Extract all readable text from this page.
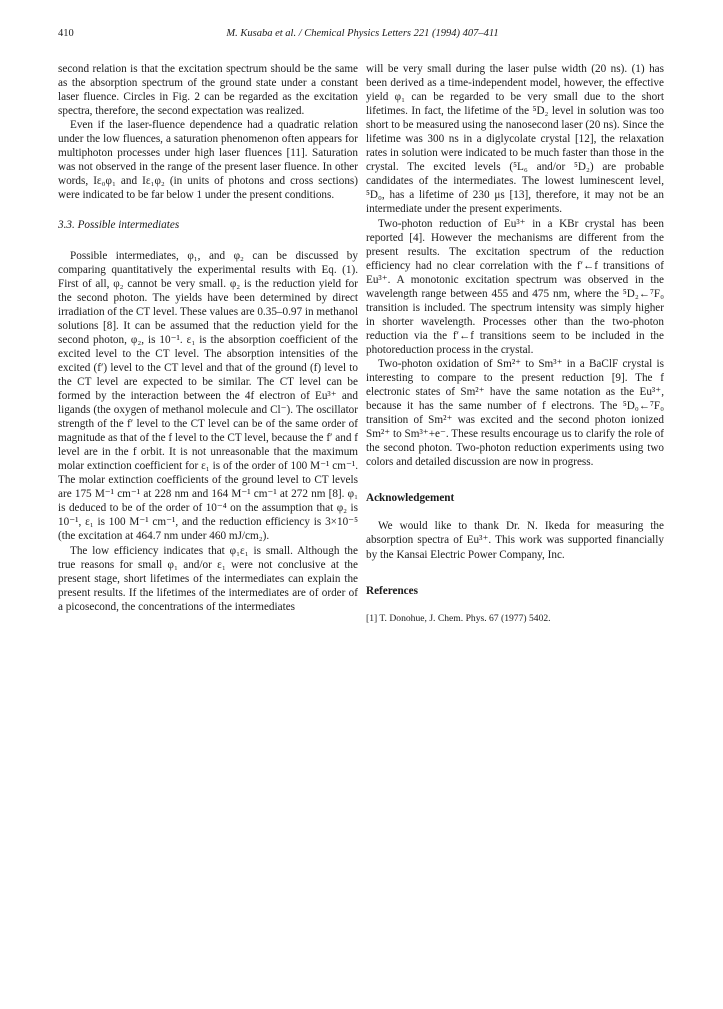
410	M. Kusaba et al. / Chemical Physics Letters 221 (1994) 407–411

second relation is that the excitation spectrum should be the same as the absorption spectrum of the ground state under a constant laser fluence. Circles in Fig. 2 can be regarded as the excitation spectra, therefore, the second expectation was realized.

Even if the laser-fluence dependence had a quadratic relation under the low fluences, a saturation phenomenon often appears for multiphoton processes under high laser fluences [11]. Saturation was not observed in the range of the present laser fluence. In other words, Iε₀φ₁ and Iε₁φ₂ (in units of photons and cross sections) were indicated to be far below 1 under the present conditions.

3.3. Possible intermediates

Possible intermediates, φ₁, and φ₂ can be discussed by comparing quantitatively the experimental results with Eq. (1). First of all, φ₂ cannot be very small. φ₂ is the reduction yield for the second photon. The yields have been determined by direct irradiation of the CT level. These values are 0.35–0.97 in methanol solutions [8]. It can be assumed that the reduction yield for the second photon, φ₂, is 10⁻¹. ε₁ is the absorption coefficient of the excited level to the CT level. The absorption intensities of the excited (f′) level to the CT level and that of the ground (f) level to the CT level are expected to be similar. The CT level can be formed by the interaction between the 4f electron of Eu³⁺ and ligands (the oxygen of methanol molecule and Cl⁻). The oscillator strength of the f′ level to the CT level can be of the same order of magnitude as that of the f level to the CT level, because the f′ and f level are in the f orbit. It is not unreasonable that the maximum molar extinction coefficient for ε₁ is of the order of 100 M⁻¹ cm⁻¹. The molar extinction coefficients of the ground level to CT levels are 175 M⁻¹ cm⁻¹ at 228 nm and 164 M⁻¹ cm⁻¹ at 272 nm [8]. φ₁ is deduced to be of the order of 10⁻⁴ on the assumption that φ₂ is 10⁻¹, ε₁ is 100 M⁻¹ cm⁻¹, and the reduction efficiency is 3×10⁻⁵ (the excitation at 464.7 nm under 460 mJ/cm₂).

The low efficiency indicates that φ₁ε₁ is small. Although the true reasons for small φ₁ and/or ε₁ were not conclusive at the present stage, short lifetimes of the intermediates can explain the present results. If the lifetimes of the intermediates are of order of a picosecond, the concentrations of the intermediates

will be very small during the laser pulse width (20 ns). (1) has been derived as a time-independent model, however, the effective yield φ₁ can be regarded to be very small due to the short lifetimes. In fact, the lifetime of the ⁵D₂ level in solution was too short to be measured using the nanosecond laser (20 ns). Since the lifetime was 300 ns in a diglycolate crystal [12], the relaxation rates in solution were indicated to be much faster than those in the crystal. The excited levels (⁵L₆ and/or ⁵D₂) are probable candidates of the intermediates. The lowest luminescent level, ⁵D₀, has a lifetime of 230 μs [13], therefore, it may not be an intermediate under the present experiments.

Two-photon reduction of Eu³⁺ in a KBr crystal has been reported [4]. However the mechanisms are different from the present results. The excitation spectrum of the reduction efficiency had no clear correlation with the f′←f transitions of Eu³⁺. A monotonic excitation spectrum was observed in the wavelength range between 455 and 475 nm, where the ⁵D₂←⁷F₀ transition is included. The spectrum intensity was simply higher in shorter wavelength. Processes other than the two-photon reduction via the f′←f transitions seem to be included in the photoreduction process in the crystal.

Two-photon oxidation of Sm²⁺ to Sm³⁺ in a BaClF crystal is interesting to compare to the present reduction [9]. The f electronic states of Sm²⁺ have the same notation as the Eu³⁺, because it has the same number of f electrons. The ⁵D₀←⁷F₀ transition of Sm²⁺ was excited and the second photon ionized Sm²⁺ to Sm³⁺+e⁻. These results encourage us to clarify the role of the second photon. Two-photon reduction experiments using two colors and detailed discussion are now in progress.

Acknowledgement

We would like to thank Dr. N. Ikeda for measuring the absorption spectra of Eu³⁺. This work was supported financially by the Kansai Electric Power Company, Inc.

References

[1] T. Donohue, J. Chem. Phys. 67 (1977) 5402.
